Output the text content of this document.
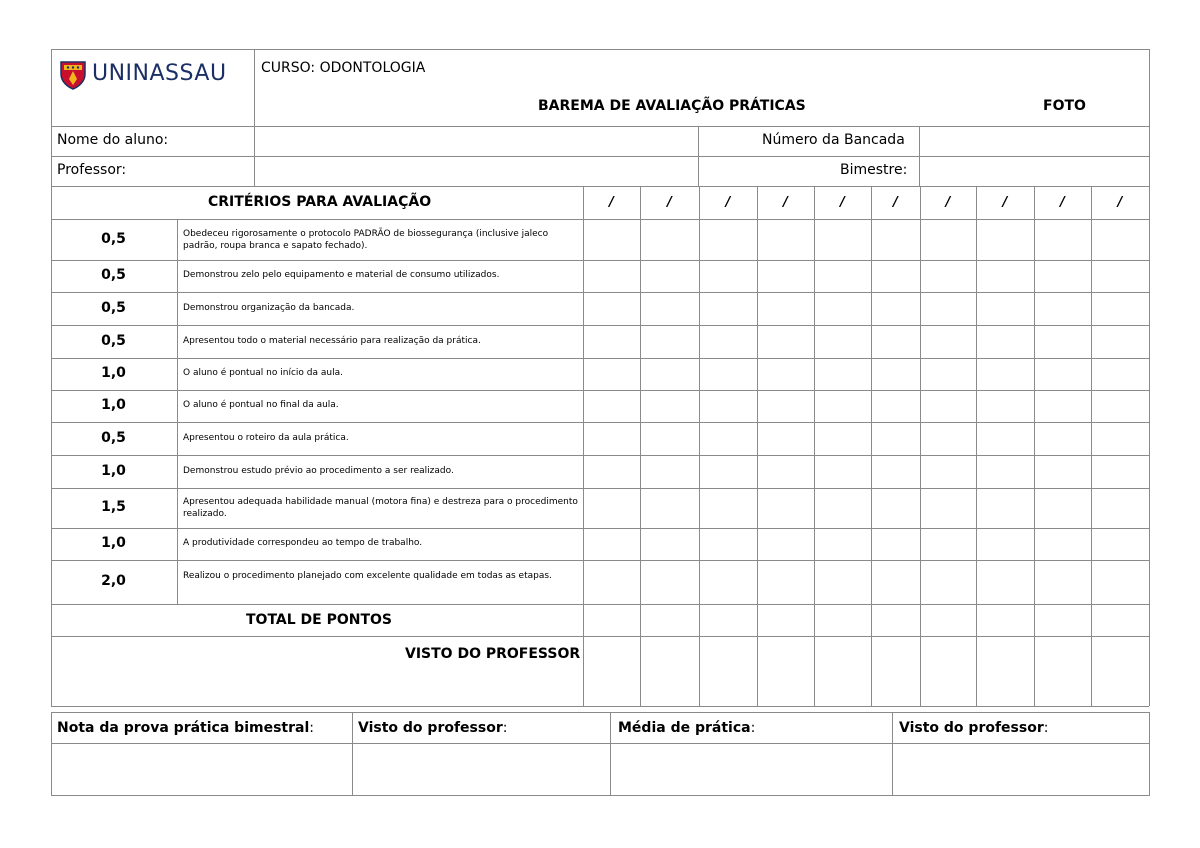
UNINASSAU CURSO: ODONTOLOGIA
BAREMA DE AVALIAÇÃO PRÁTICAS	FOTO
Nome do aluno:	Número da Bancada
Professor:	Bimestre:
CRITÉRIOS PARA AVALIAÇÃO	/	/	/	/	/	/	/	/	/	/
0,5	Obedeceu rigorosamente o protocolo PADRÃO de biossegurança (inclusive jaleco padrão, roupa branca e sapato fechado).
0,5	Demonstrou zelo pelo equipamento e material de consumo utilizados.
0,5	Demonstrou organização da bancada.
0,5	Apresentou todo o material necessário para realização da prática.
1,0	O aluno é pontual no início da aula.
1,0	O aluno é pontual no final da aula.
0,5	Apresentou o roteiro da aula prática.
1,0	Demonstrou estudo prévio ao procedimento a ser realizado.
1,5	Apresentou adequada habilidade manual (motora fina) e destreza para o procedimento realizado.
1,0	A produtividade correspondeu ao tempo de trabalho.
2,0	Realizou o procedimento planejado com excelente qualidade em todas as etapas.
TOTAL DE PONTOS
VISTO DO PROFESSOR
Nota da prova prática bimestral:	Visto do professor:	Média de prática:	Visto do professor:
